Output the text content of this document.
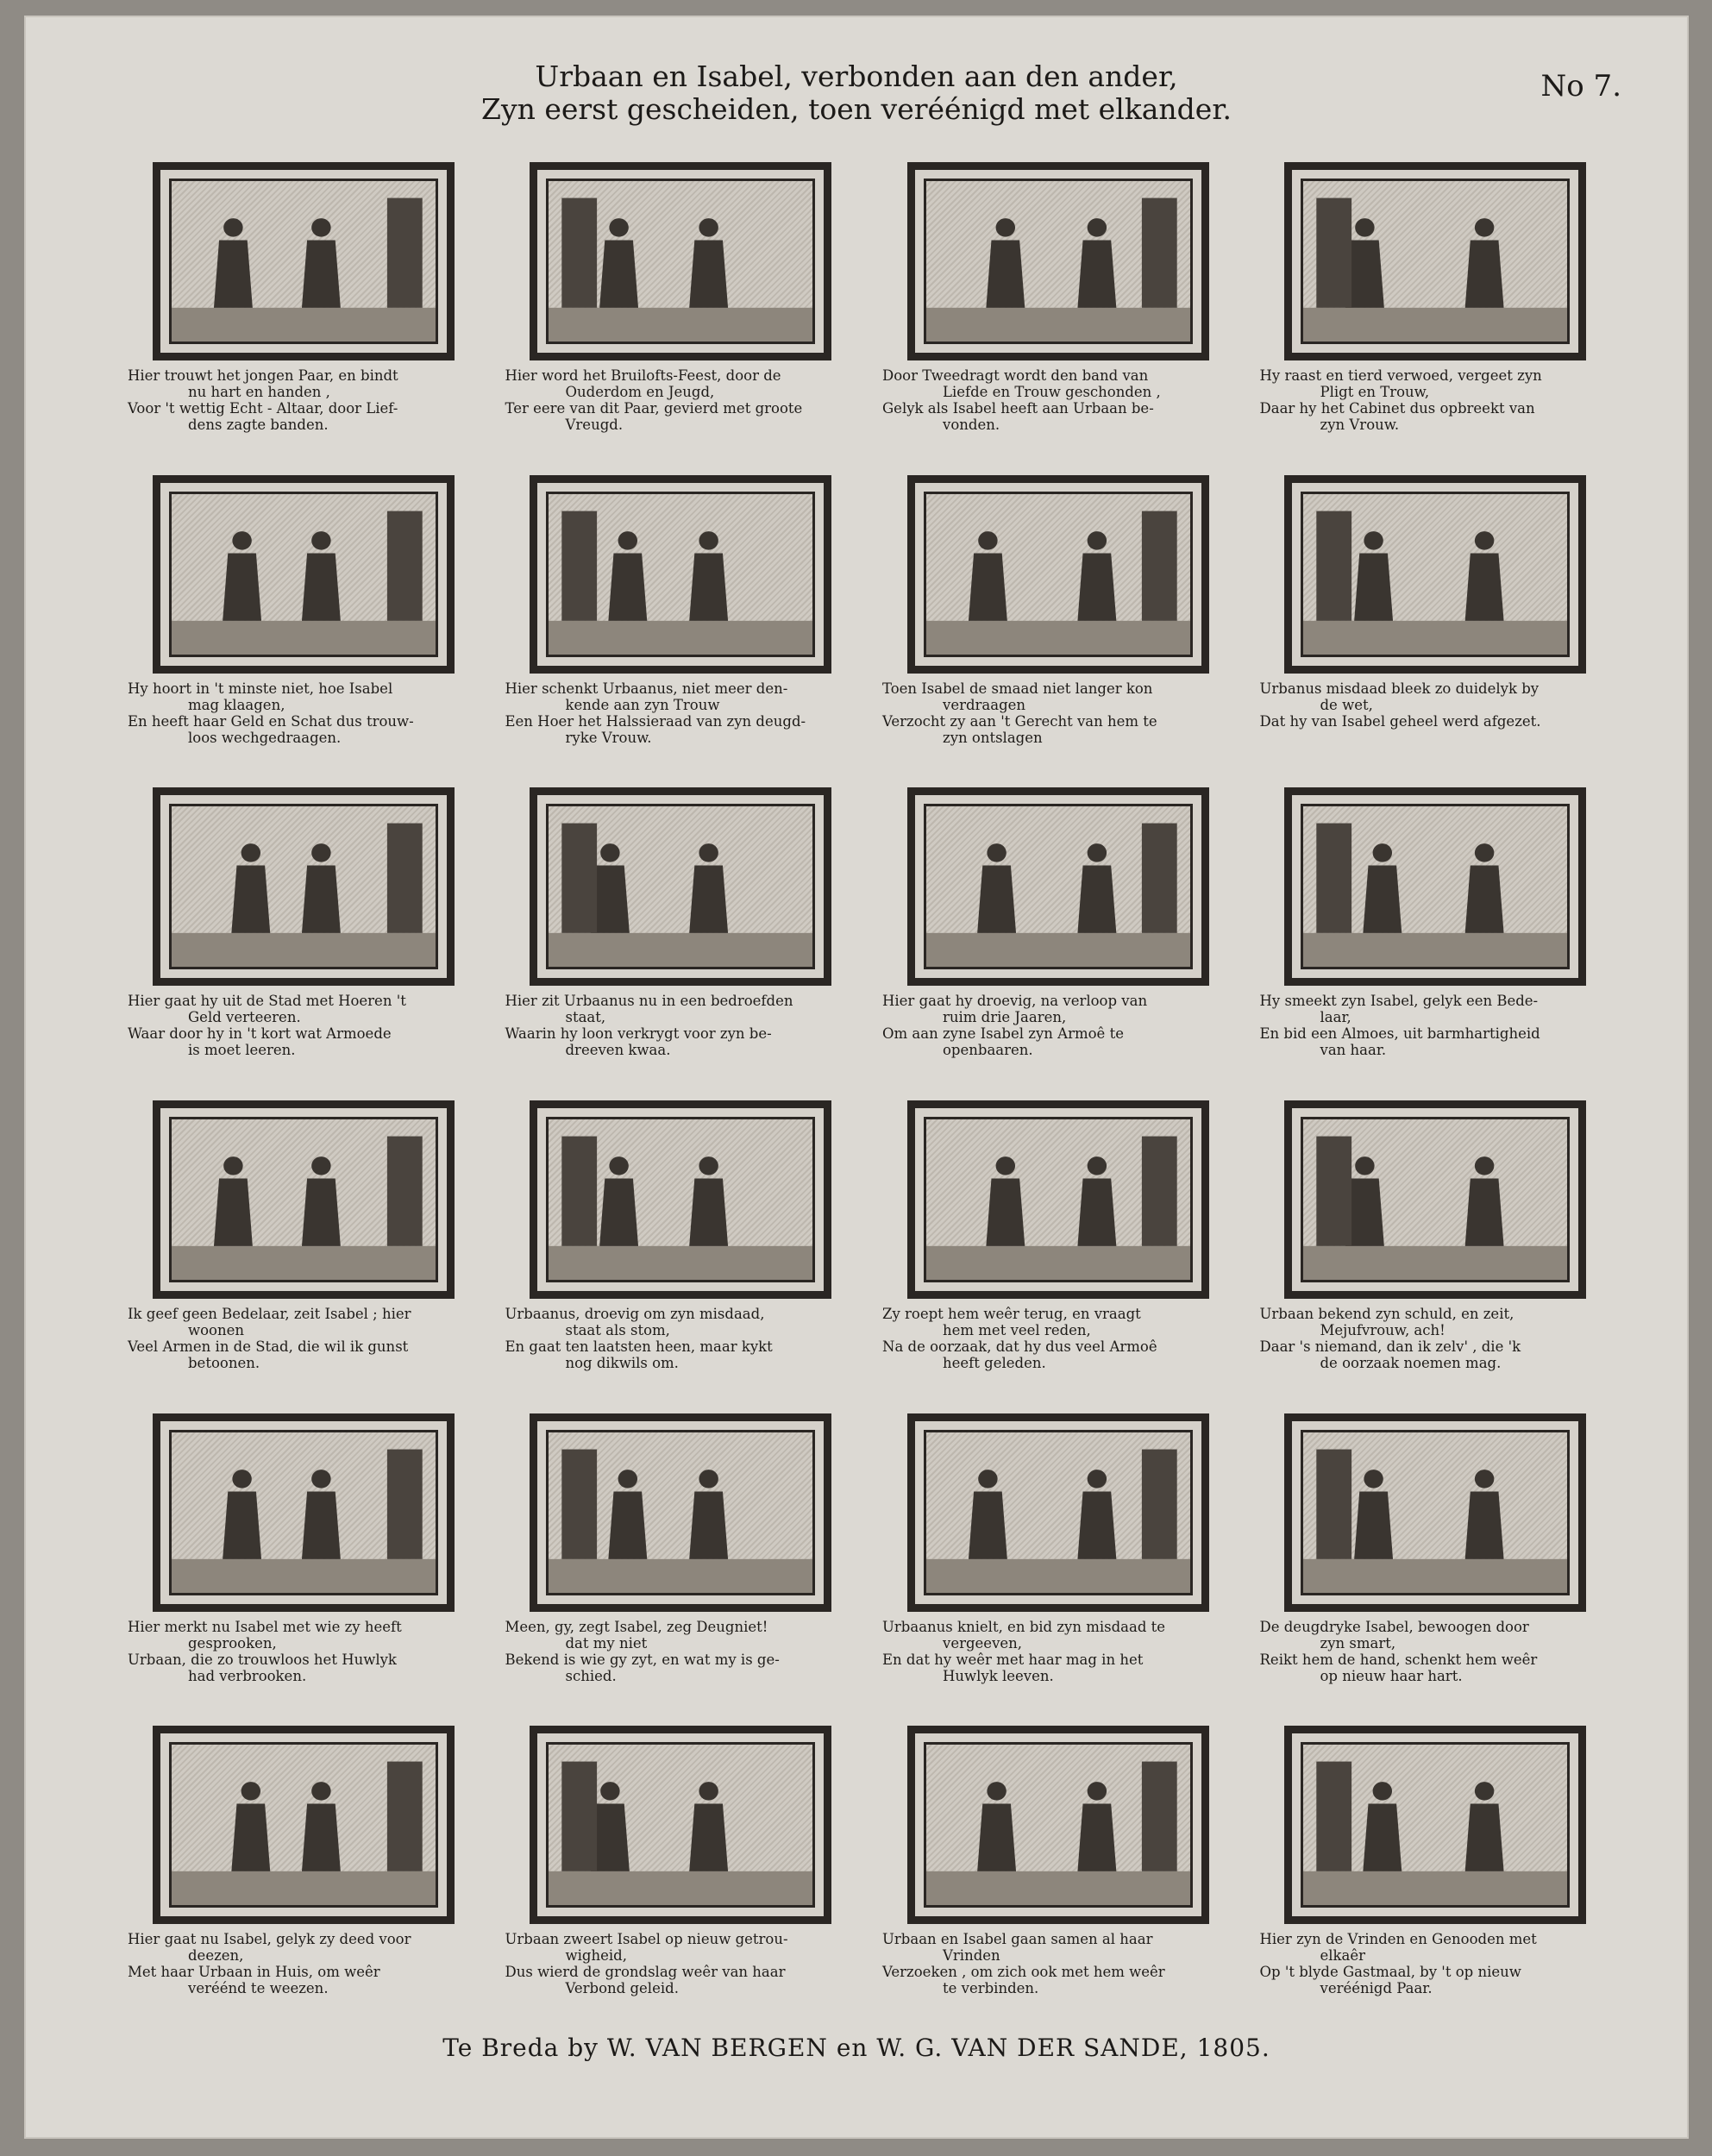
Urbaan en Isabel, verbonden aan den ander,
Zyn eerst gescheiden, toen veréénigd met elkander.
No 7.
Hier trouwt het jongen Paar, en bindt
nu hart en handen ,
Voor 't wettig Echt - Altaar, door Lief-
dens zagte banden.
Hier word het Bruilofts-Feest, door de
Ouderdom en Jeugd,
Ter eere van dit Paar, gevierd met groote
Vreugd.
Door Tweedragt wordt den band van
Liefde en Trouw geschonden ,
Gelyk als Isabel heeft aan Urbaan be-
vonden.
Hy raast en tierd verwoed, vergeet zyn
Pligt en Trouw,
Daar hy het Cabinet dus opbreekt van
zyn Vrouw.
Hy hoort in 't minste niet, hoe Isabel
mag klaagen,
En heeft haar Geld en Schat dus trouw-
loos wechgedraagen.
Hier schenkt Urbaanus, niet meer den-
kende aan zyn Trouw
Een Hoer het Halssieraad van zyn deugd-
ryke Vrouw.
Toen Isabel de smaad niet langer kon
verdraagen
Verzocht zy aan 't Gerecht van hem te
zyn ontslagen
Urbanus misdaad bleek zo duidelyk by
de wet,
Dat hy van Isabel geheel werd afgezet.
Hier gaat hy uit de Stad met Hoeren 't
Geld verteeren.
Waar door hy in 't kort wat Armoede
is moet leeren.
Hier zit Urbaanus nu in een bedroefden
staat,
Waarin hy loon verkrygt voor zyn be-
dreeven kwaa.
Hier gaat hy droevig, na verloop van
ruim drie Jaaren,
Om aan zyne Isabel zyn Armoê te
openbaaren.
Hy smeekt zyn Isabel, gelyk een Bede-
laar,
En bid een Almoes, uit barmhartigheid
van haar.
Ik geef geen Bedelaar, zeit Isabel ; hier
woonen
Veel Armen in de Stad, die wil ik gunst
betoonen.
Urbaanus, droevig om zyn misdaad,
staat als stom,
En gaat ten laatsten heen, maar kykt
nog dikwils om.
Zy roept hem weêr terug, en vraagt
hem met veel reden,
Na de oorzaak, dat hy dus veel Armoê
heeft geleden.
Urbaan bekend zyn schuld, en zeit,
Mejufvrouw, ach!
Daar 's niemand, dan ik zelv' , die 'k
de oorzaak noemen mag.
Hier merkt nu Isabel met wie zy heeft
gesprooken,
Urbaan, die zo trouwloos het Huwlyk
had verbrooken.
Meen, gy, zegt Isabel, zeg Deugniet!
dat my niet
Bekend is wie gy zyt, en wat my is ge-
schied.
Urbaanus knielt, en bid zyn misdaad te
vergeeven,
En dat hy weêr met haar mag in het
Huwlyk leeven.
De deugdryke Isabel, bewoogen door
zyn smart,
Reikt hem de hand, schenkt hem weêr
op nieuw haar hart.
Hier gaat nu Isabel, gelyk zy deed voor
deezen,
Met haar Urbaan in Huis, om weêr
veréénd te weezen.
Urbaan zweert Isabel op nieuw getrou-
wigheid,
Dus wierd de grondslag weêr van haar
Verbond geleid.
Urbaan en Isabel gaan samen al haar
Vrinden
Verzoeken , om zich ook met hem weêr
te verbinden.
Hier zyn de Vrinden en Genooden met
elkaêr
Op 't blyde Gastmaal, by 't op nieuw
veréénigd Paar.
Te Breda by W. VAN BERGEN en W. G. VAN DER SANDE, 1805.
